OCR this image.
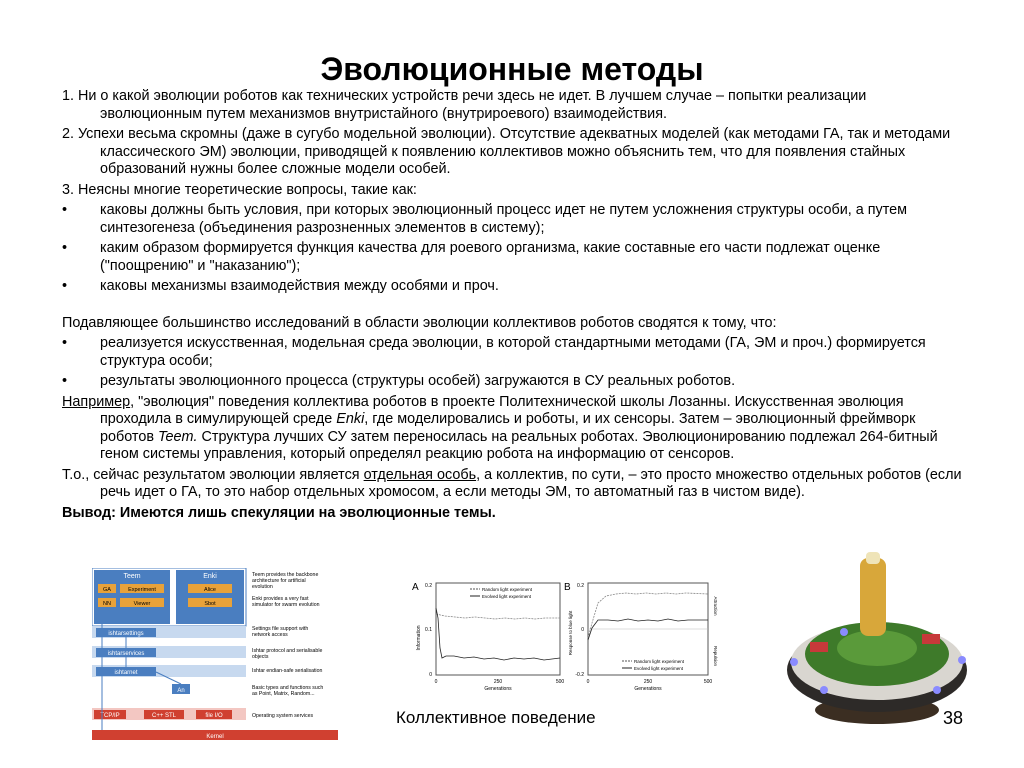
Эволюционные методы
1. Ни о какой эволюции роботов как технических устройств речи здесь не идет. В лучшем случае – попытки реализации эволюционным путем механизмов внутристайного (внутрироевого) взаимодействия.
2. Успехи весьма скромны (даже в сугубо модельной эволюции). Отсутствие адекватных моделей (как методами ГА, так и методами классического ЭМ) эволюции, приводящей к появлению коллективов можно объяснить тем, что для появления стайных образований нужны более сложные модели особей.
3. Неясны многие теоретические вопросы, такие как:
• каковы должны быть условия, при которых эволюционный процесс идет не путем усложнения структуры особи, а путем синтезогенеза (объединения разрозненных элементов в систему);
• каким образом формируется функция качества для роевого организма, какие составные его части подлежат оценке ("поощрению" и "наказанию");
• каковы механизмы взаимодействия между особями и проч.
Подавляющее большинство исследований в области эволюции коллективов роботов сводятся к тому, что:
• реализуется искусственная, модельная среда эволюции, в которой стандартными методами (ГА, ЭМ и проч.) формируется структура особи;
• результаты эволюционного процесса (структуры особей) загружаются в СУ реальных роботов.
Например, "эволюция" поведения коллектива роботов в проекте Политехнической школы Лозанны. Искусственная эволюция проходила в симулирующей среде Enki, где моделировались и роботы, и их сенсоры. Затем – эволюционный фреймворк роботов Teem. Структура лучших СУ затем переносилась на реальных роботах. Эволюционированию подлежал 264-битный геном системы управления, который определял реакцию робота на информацию от сенсоров.
Т.о., сейчас результатом эволюции является отдельная особь, а коллектив, по сути, – это просто множество отдельных роботов (если речь идет о ГА, то это набор отдельных хромосом, а если методы ЭМ, то автоматный газ в чистом виде).
Вывод: Имеются лишь спекуляции на эволюционные темы.
Teem
GA	Experiment
NN	Viewer
Enki
Alice
Sbot
ishtarsettings
ishtarservices
ishtarnet
An
TCP/IP	C++ STL	file I/O
Kernel
Teem provides the backbone
architecture for artificial
evolution
Enki provides a very fast
simulator for swarm evolution
Settings file support with
network access
Ishtar protocol and serialisable
objects
Ishtar endian-safe serialisation
Basic types and functions such
as Point, Matrix, Random...
Operating system services
A 0.2
0.1
0
0	250	500
Generations
Information
Random light experiment
Evolved light experiment
B 0.2
0
-0.2
0	250	500
Generations
Response to blue light
Attraction
Repulsion
Random light experiment
Evolved light experiment
Коллективное поведение	38
